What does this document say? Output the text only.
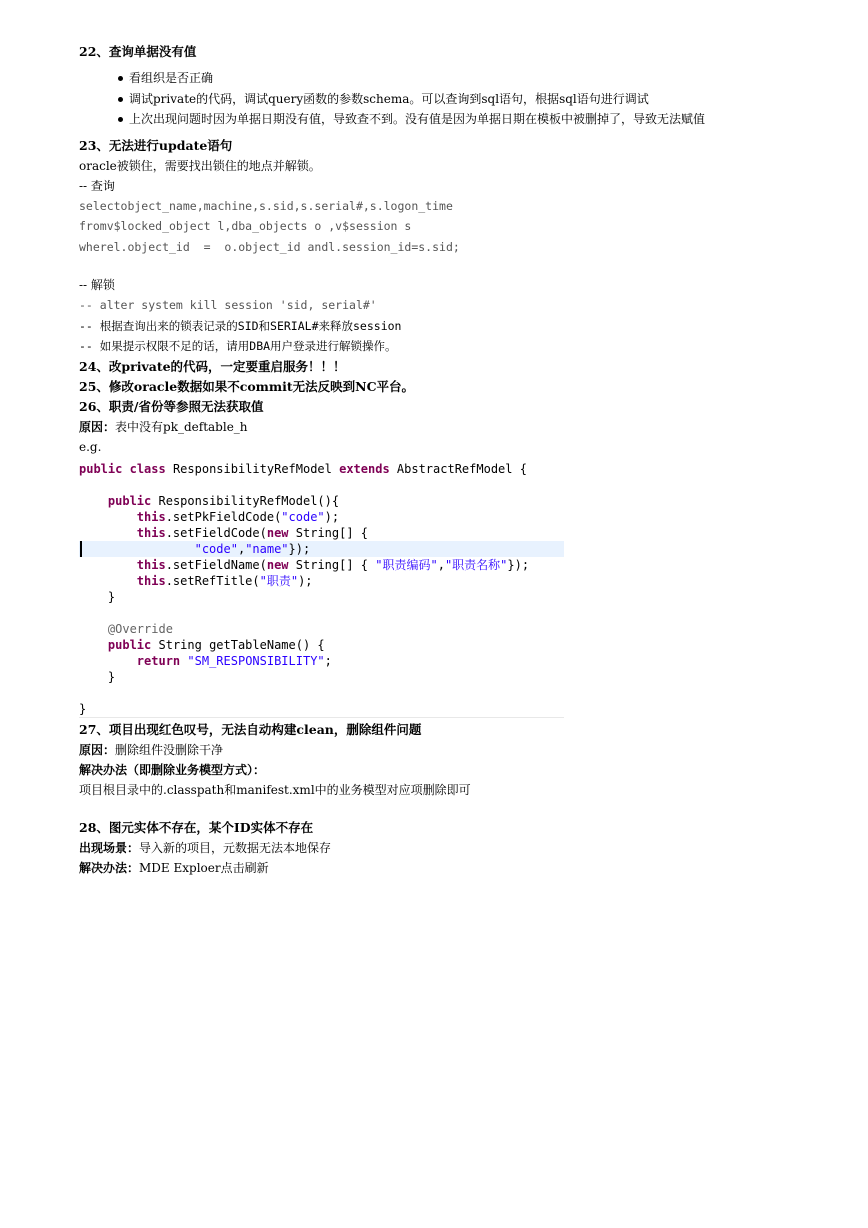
22、查询单据没有值
看组织是否正确
调试private的代码，调试query函数的参数schema。可以查询到sql语句，根据sql语句进行调试
上次出现问题时因为单据日期没有值，导致查不到。没有值是因为单据日期在模板中被删掉了，导致无法赋值
23、无法进行update语句
oracle被锁住，需要找出锁住的地点并解锁。
-- 查询
selectobject_name,machine,s.sid,s.serial#,s.logon_time
fromv$locked_object l,dba_objects o ,v$session s
wherel.object_id  =  o.object_id andl.session_id=s.sid;
-- 解锁
-- alter system kill session 'sid, serial#'
-- 根据查询出来的锁表记录的SID和SERIAL#来释放session
-- 如果提示权限不足的话，请用DBA用户登录进行解锁操作。
24、改private的代码，一定要重启服务！！！
25、修改oracle数据如果不commit无法反映到NC平台。
26、职责/省份等参照无法获取值
原因：表中没有pk_deftable_h
e.g.
public class ResponsibilityRefModel extends AbstractRefModel {
public ResponsibilityRefModel(){
this.setPkFieldCode("code");
this.setFieldCode(new String[] {
"code","name"});
this.setFieldName(new String[] { "职责编码","职责名称"});
this.setRefTitle("职责");
}
@Override
public String getTableName() {
return "SM_RESPONSIBILITY";
}
}
27、项目出现红色叹号，无法自动构建clean，删除组件问题
原因：删除组件没删除干净
解决办法（即删除业务模型方式）：
项目根目录中的.classpath和manifest.xml中的业务模型对应项删除即可
28、图元实体不存在，某个ID实体不存在
出现场景：导入新的项目，元数据无法本地保存
解决办法：MDE Exploer点击刷新
